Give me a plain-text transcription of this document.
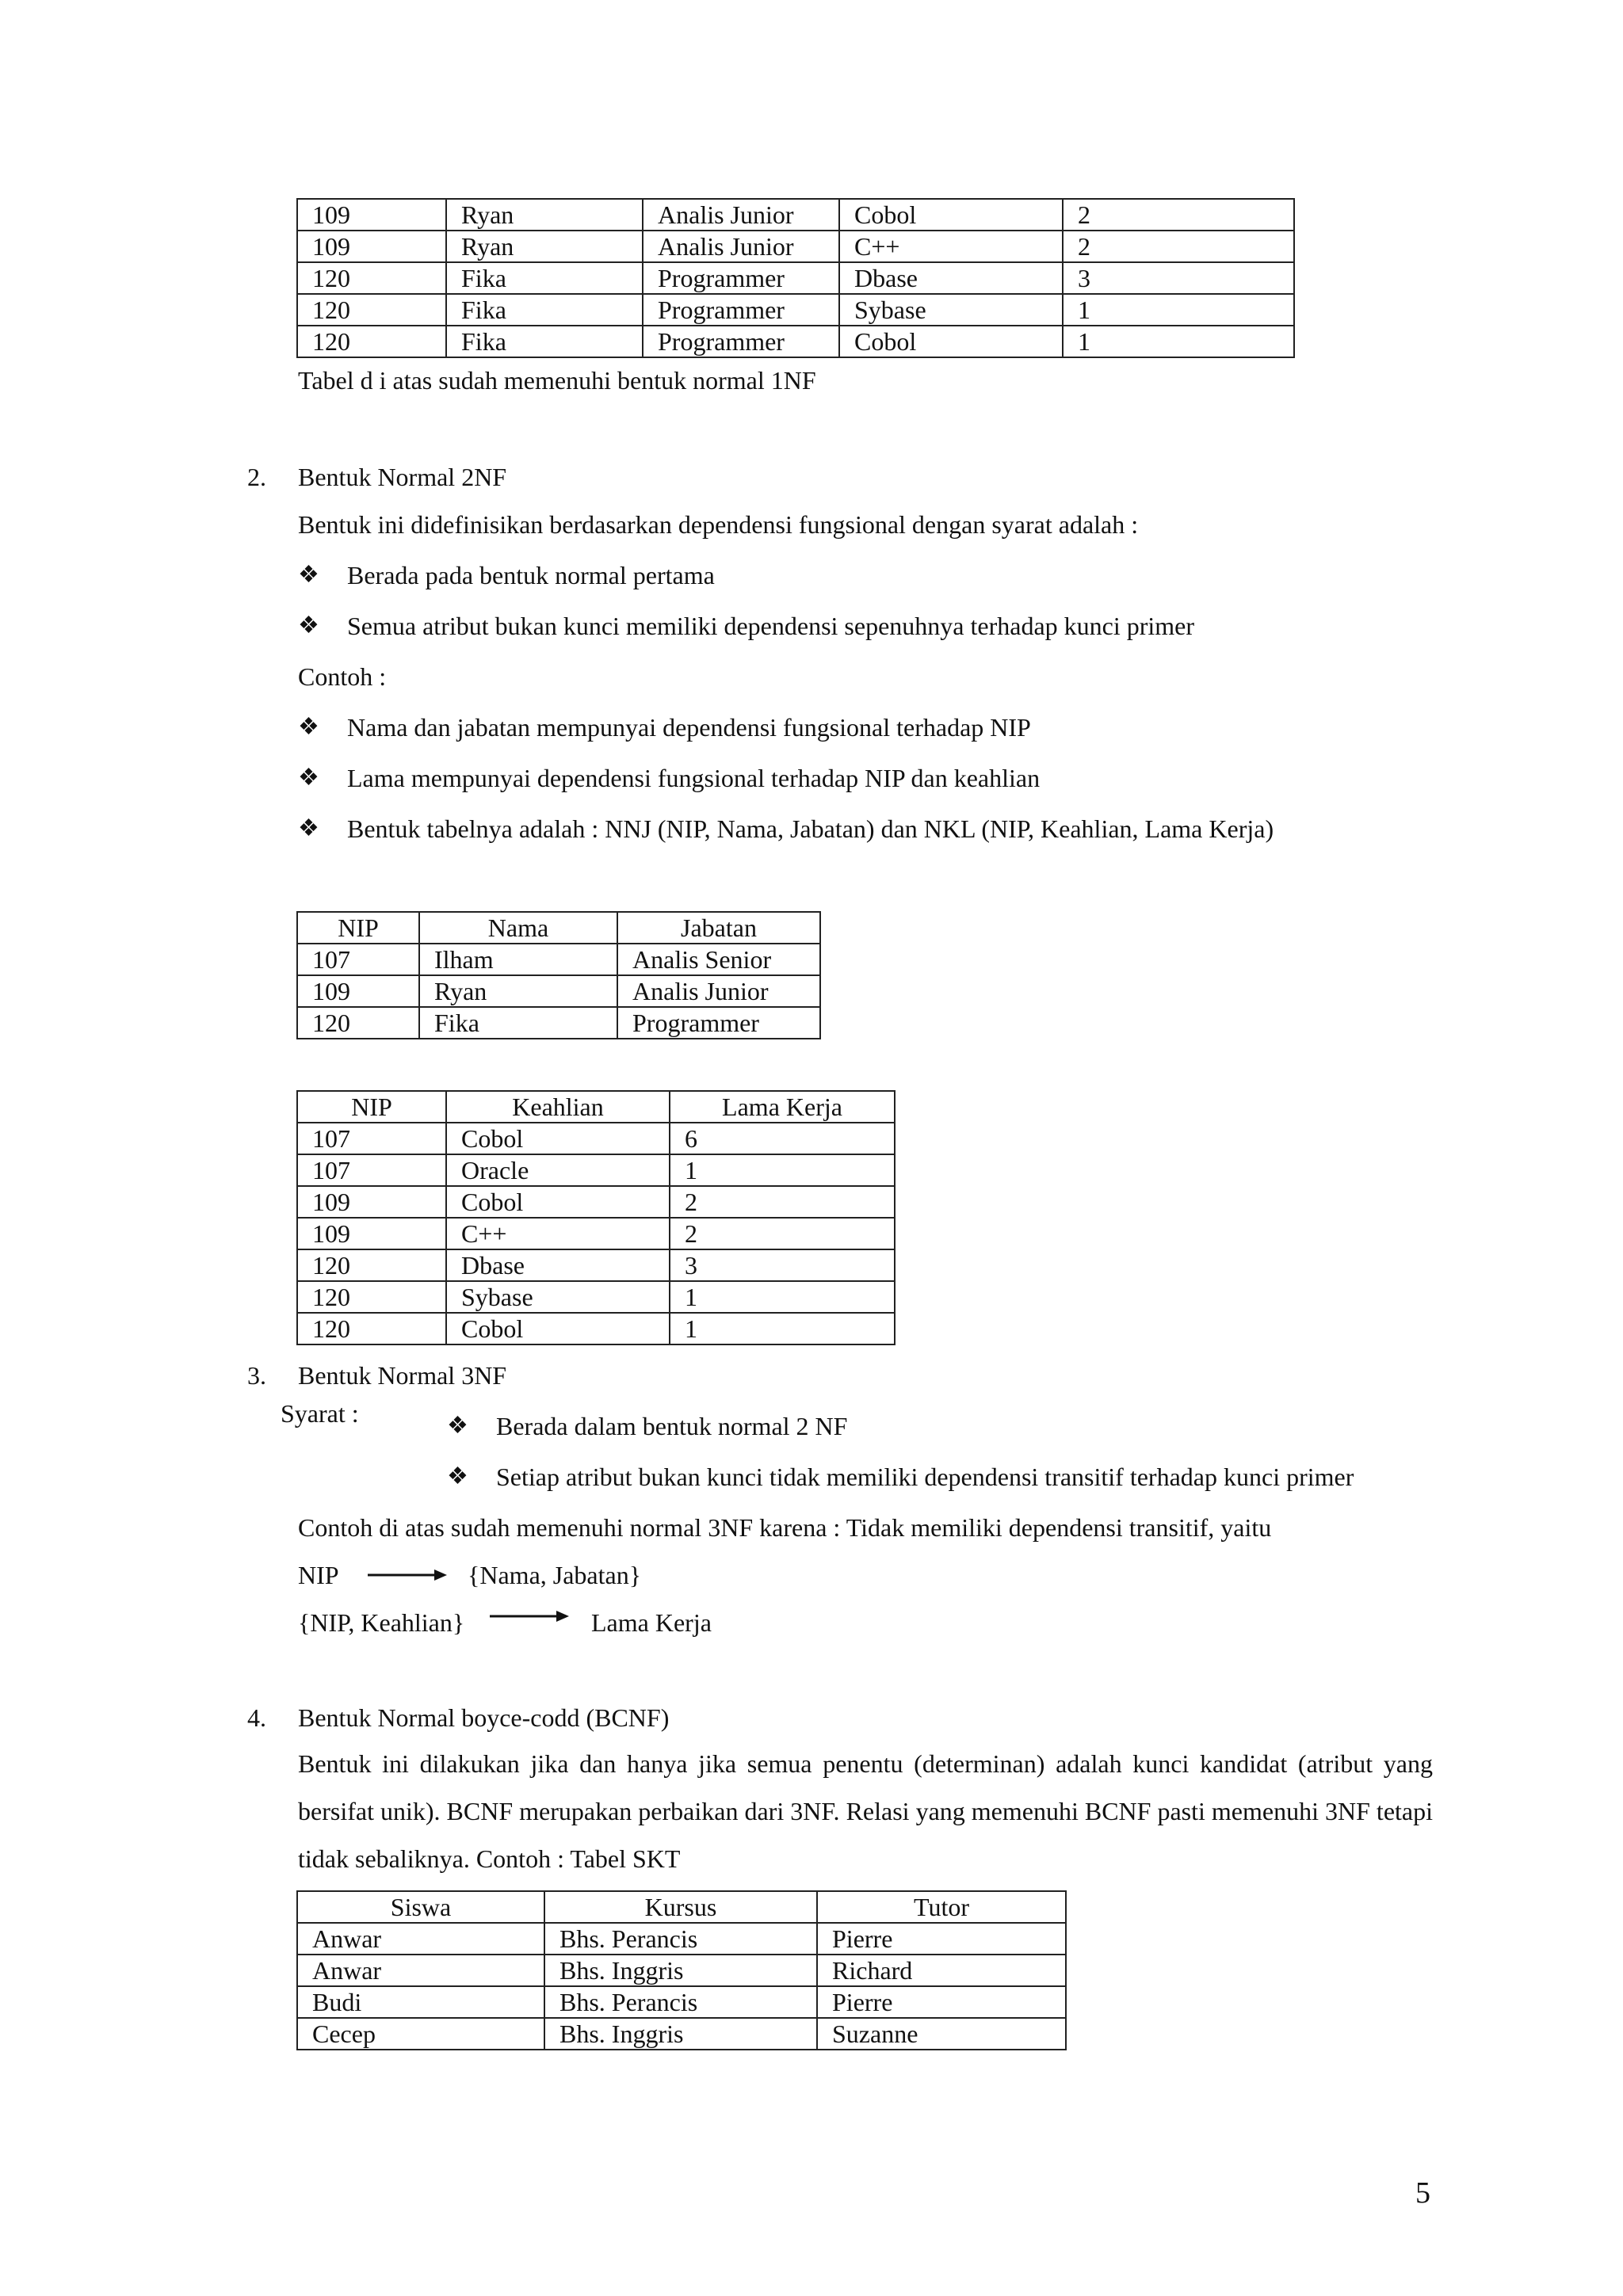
109	Ryan	Analis Junior	Cobol	2
109	Ryan	Analis Junior	C++	2
120	Fika	Programmer	Dbase	3
120	Fika	Programmer	Sybase	1
120	Fika	Programmer	Cobol	1
Tabel d i atas sudah memenuhi bentuk normal 1NF
2. Bentuk Normal 2NF
Bentuk ini didefinisikan berdasarkan dependensi fungsional dengan syarat adalah :
❖ Berada pada bentuk normal pertama
❖ Semua atribut bukan kunci memiliki dependensi sepenuhnya terhadap kunci primer
Contoh :
❖ Nama dan jabatan mempunyai dependensi fungsional terhadap NIP
❖ Lama mempunyai dependensi fungsional terhadap NIP dan keahlian
❖ Bentuk tabelnya adalah : NNJ (NIP, Nama, Jabatan) dan NKL (NIP, Keahlian, Lama Kerja)
NIP	Nama	Jabatan
107	Ilham	Analis Senior
109	Ryan	Analis Junior
120	Fika	Programmer
NIP	Keahlian	Lama Kerja
107	Cobol	6
107	Oracle	1
109	Cobol	2
109	C++	2
120	Dbase	3
120	Sybase	1
120	Cobol	1
3. Bentuk Normal 3NF
Syarat :	❖ Berada dalam bentuk normal 2 NF
❖ Setiap atribut bukan kunci tidak memiliki dependensi transitif terhadap kunci primer
Contoh di atas sudah memenuhi normal 3NF karena : Tidak memiliki dependensi transitif, yaitu
NIP	{Nama, Jabatan}
{NIP, Keahlian}	Lama Kerja
4. Bentuk Normal boyce-codd (BCNF)
Bentuk ini dilakukan jika dan hanya jika semua penentu (determinan) adalah kunci kandidat (atribut yang bersifat unik). BCNF merupakan perbaikan dari 3NF. Relasi yang memenuhi BCNF pasti memenuhi 3NF tetapi tidak sebaliknya. Contoh : Tabel SKT
Siswa	Kursus	Tutor
Anwar	Bhs. Perancis	Pierre
Anwar	Bhs. Inggris	Richard
Budi	Bhs. Perancis	Pierre
Cecep	Bhs. Inggris	Suzanne
5
